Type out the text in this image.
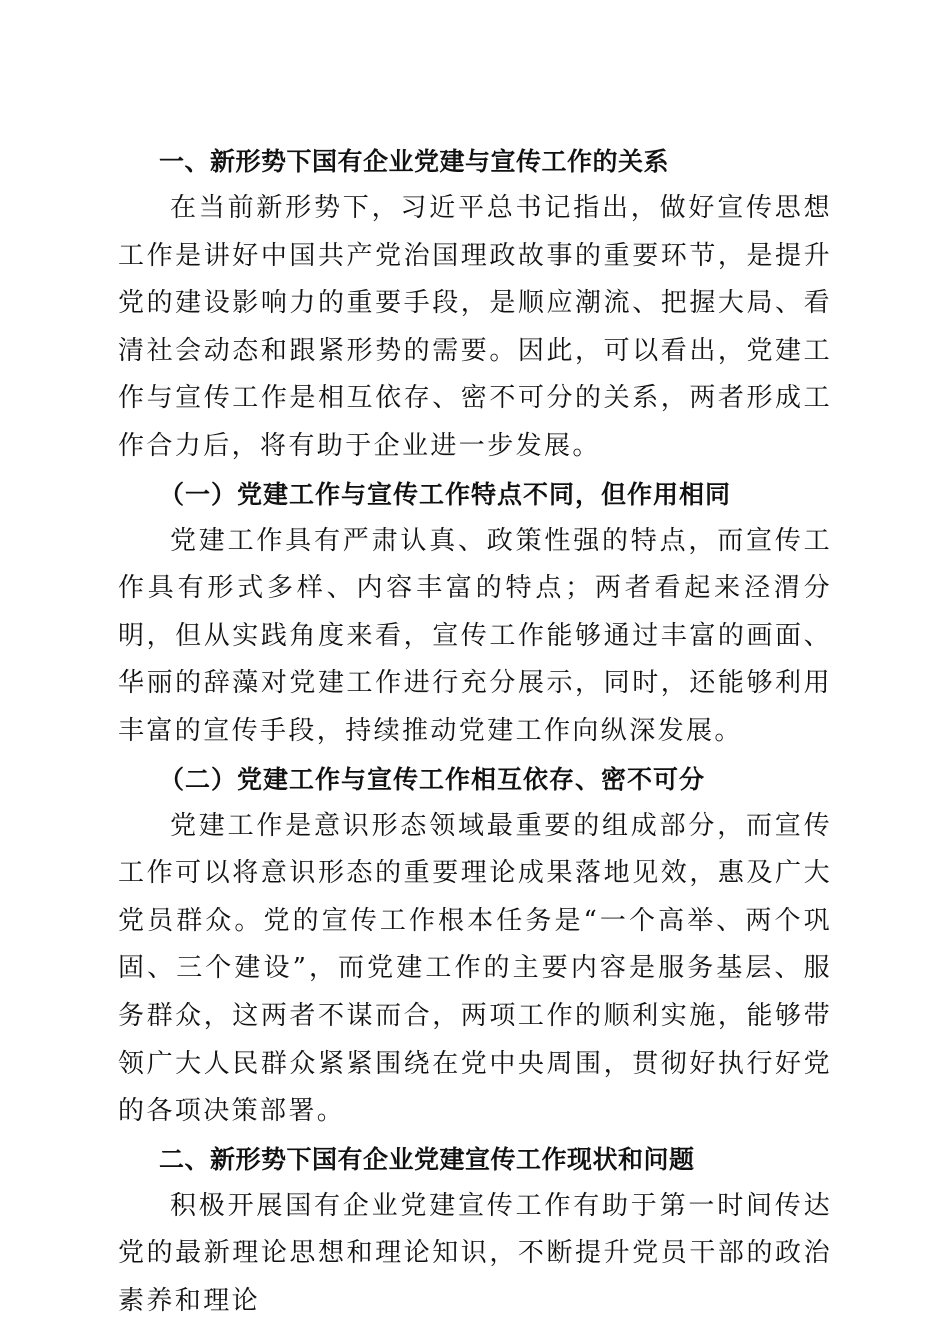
一、新形势下国有企业党建与宣传工作的关系

在当前新形势下，习近平总书记指出，做好宣传思想工作是讲好中国共产党治国理政故事的重要环节，是提升党的建设影响力的重要手段，是顺应潮流、把握大局、看清社会动态和跟紧形势的需要。因此，可以看出，党建工作与宣传工作是相互依存、密不可分的关系，两者形成工作合力后，将有助于企业进一步发展。

（一）党建工作与宣传工作特点不同，但作用相同

党建工作具有严肃认真、政策性强的特点，而宣传工作具有形式多样、内容丰富的特点；两者看起来泾渭分明，但从实践角度来看，宣传工作能够通过丰富的画面、华丽的辞藻对党建工作进行充分展示，同时，还能够利用丰富的宣传手段，持续推动党建工作向纵深发展。

（二）党建工作与宣传工作相互依存、密不可分

党建工作是意识形态领域最重要的组成部分，而宣传工作可以将意识形态的重要理论成果落地见效，惠及广大党员群众。党的宣传工作根本任务是“一个高举、两个巩固、三个建设”，而党建工作的主要内容是服务基层、服务群众，这两者不谋而合，两项工作的顺利实施，能够带领广大人民群众紧紧围绕在党中央周围，贯彻好执行好党的各项决策部署。

二、新形势下国有企业党建宣传工作现状和问题

积极开展国有企业党建宣传工作有助于第一时间传达党的最新理论思想和理论知识，不断提升党员干部的政治素养和理论
